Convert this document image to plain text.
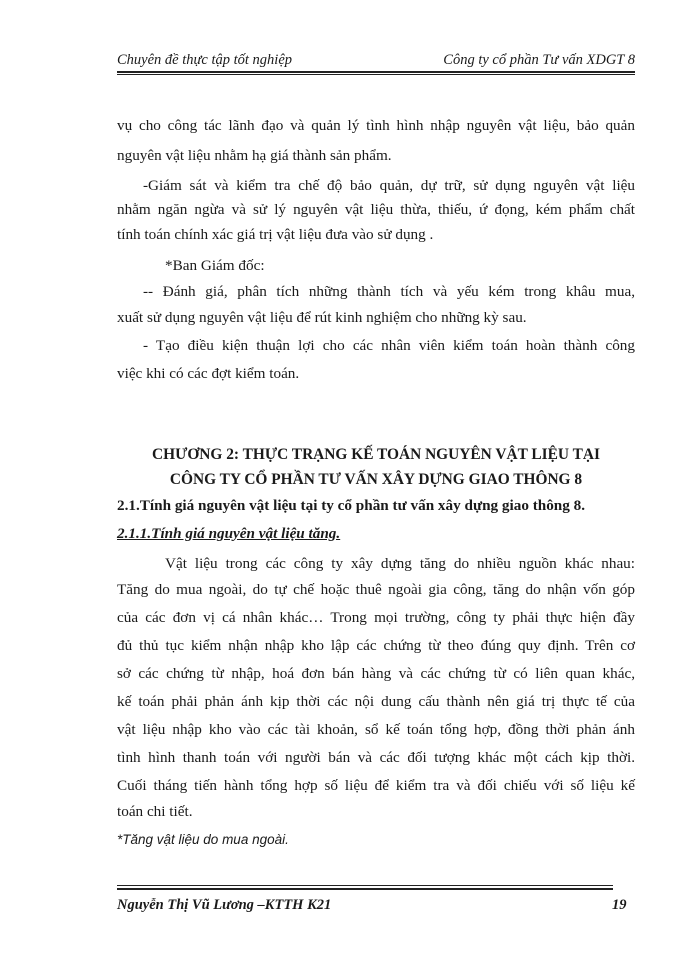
Chuyên đề thực tập tốt nghiệp	Công ty cổ phần Tư vấn XDGT 8
vụ cho công tác lãnh đạo và quản lý tình hình nhập nguyên vật liệu, bảo quản
nguyên vật liệu nhằm hạ giá thành sản phẩm.
-Giám sát và kiểm tra chế độ bảo quản, dự trữ, sử dụng nguyên vật liệu
nhằm ngăn ngừa và sử lý nguyên vật liệu thừa, thiếu, ứ đọng, kém phẩm chất
tính toán chính xác giá trị vật liệu đưa vào sử dụng .
*Ban Giám đốc:
-- Đánh giá, phân tích những thành tích và yếu kém trong khâu mua,
xuất sử dụng nguyên vật liệu để rút kinh nghiệm cho những kỳ sau.
- Tạo điều kiện thuận lợi cho các nhân viên kiểm toán hoàn thành công
việc khi có các đợt kiểm toán.
CHƯƠNG 2: THỰC TRẠNG KẾ TOÁN NGUYÊN VẬT LIỆU TẠI
CÔNG TY CỔ PHẦN TƯ VẤN XÂY DỰNG GIAO THÔNG 8
2.1.Tính giá nguyên vật liệu tại ty cổ phần tư vấn xây dựng giao thông 8.
2.1.1.Tính giá nguyên vật liệu tăng.
Vật liệu trong các công ty xây dựng tăng do nhiều nguồn khác nhau:
Tăng do mua ngoài, do tự chế hoặc thuê ngoài gia công, tăng do nhận vốn góp
của các đơn vị cá nhân khác… Trong mọi trường, công ty phải thực hiện đầy
đủ thủ tục kiểm nhận nhập kho lập các chứng từ theo đúng quy định. Trên cơ
sở các chứng từ nhập, hoá đơn bán hàng và các chứng từ có liên quan khác,
kế toán phải phản ánh kịp thời các nội dung cấu thành nên giá trị thực tế của
vật liệu nhập kho vào các tài khoản, sổ kế toán tổng hợp, đồng thời phản ánh
tình hình thanh toán với người bán và các đối tượng khác một cách kịp thời.
Cuối tháng tiến hành tổng hợp số liệu để kiểm tra và đối chiếu với số liệu kế
toán chi tiết.
*Tăng vật liệu do mua ngoài.
Nguyễn Thị Vũ Lương –KTTH K21	19
